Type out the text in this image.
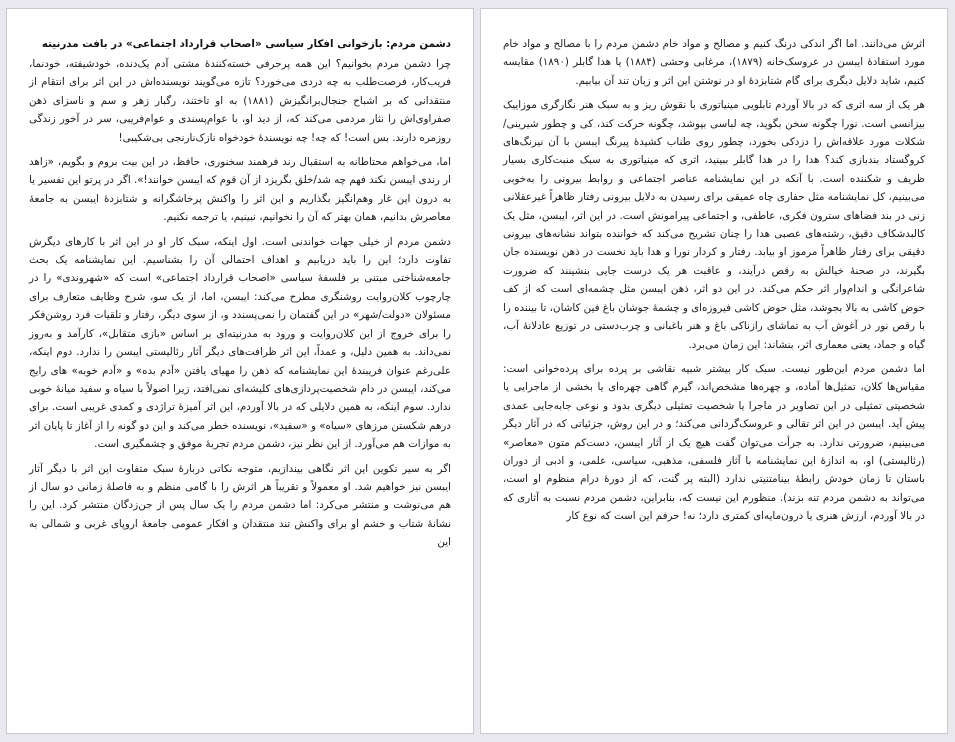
دشمن مردم: بازخوانی افکار سیاسی «اصحاب قرارداد اجتماعی» در بافت مدرنیته

چرا دشمن مردم بخوانیم؟ این همه پرحرفی خسته‌کنندهٔ مشتی آدم یک‌دنده، خودشیفته، خودنما، فریب‌کار، فرصت‌طلب به چه دردی می‌خورد؟ تازه می‌گویند نویسنده‌اش در این اثر برای انتقام از منتقدانی که بر اشباح جنجال‌برانگیزش (۱۸۸۱) به او تاختند، رگبار زهر و سم و ناسزای ذهن صفراوی‌اش را نثار مردمی می‌کند که، از دید او، با عوام‌پسندی و عوام‌فریبی، سر در آخور زندگی روزمره دارند. بس است! که چه! چه نویسندهٔ خودخواه نازک‌نارنجی بی‌شکیبی!

اما، می‌خواهم محتاطانه به استقبال رند فرهمند سخنوری، حافظ، در این بیت بروم و بگویم، «زاهد ار رندی ایبسن نکند فهم چه شد/خلق بگریزد از آن قوم که ایبسن خوانند!». اگر در پرتو این تفسیر یا به درون این غار وهم‌انگیز بگذاریم و این اثر را واکنش پرخاشگرانه و شتابزدهٔ ایبسن به جامعهٔ معاصرش بدانیم، همان بهتر که آن را نخوانیم، نبینیم، یا ترجمه نکنیم.

دشمن مردم از خیلی جهات خواندنی است. اول اینکه، سبک کار او در این اثر با کارهای دیگرش تفاوت دارد؛ این را باید دریابیم و اهداف احتمالی آن را بشناسیم. این نمایشنامه یک بحث جامعه‌شناختی مبتنی بر فلسفهٔ سیاسی «اصحاب قرارداد اجتماعی» است که «شهروندی» را در چارچوب کلان‌روایت روشنگری مطرح می‌کند: ایبسن، اما، از یک سو، شرح وظایف متعارف برای مسئولان «دولت/شهر» در این گفتمان را نمی‌پسندد و، از سوی دیگر، رفتار و تلقیات فرد روشن‌فکر را برای خروج از این کلان‌روایت و ورود به مدرنیته‌ای بر اساس «بازی متقابل»، کارآمد و به‌روز نمی‌داند. به همین دلیل، و عمداً، این اثر ظرافت‌های دیگر آثار رئالیستی ایبسن را ندارد. دوم اینکه، علی‌رغم عنوان فریبندهٔ این نمایشنامه که ذهن را مهیای یافتن «آدم بده» و «آدم خوبه» های رایج می‌کند، ایبسن در دام شخصیت‌پردازی‌های کلیشه‌ای نمی‌افتد، زیرا اصولاً با سیاه و سفید میانهٔ خوبی ندارد. سوم اینکه، به همین دلایلی که در بالا آوردم، این اثر آمیزهٔ تراژدی و کمدی غریبی است. برای درهم شکستن مرزهای «سیاه» و «سفید»، نویسنده خطر می‌کند و این دو گونه را از آغاز تا پایان اثر به موازات هم می‌آورد. از این نظر نیز، دشمن مردم تجربهٔ موفق و چشمگیری است.

اگر به سیر تکوین این اثر نگاهی بیندازیم، متوجه نکاتی دربارهٔ سبک متفاوت این اثر با دیگر آثار ایبسن نیز خواهیم شد. او معمولاً و تقریباً هر اثرش را با گامی منظم و به فاصلهٔ زمانی دو سال از هم می‌نوشت و منتشر می‌کرد: اما دشمن مردم را یک سال پس از جن‌زدگان منتشر کرد. این را نشانهٔ شتاب و خشم او برای واکنش تند منتقدان و افکار عمومی جامعهٔ اروپای غربی و شمالی به این

اثرش می‌دانند. اما اگر اندکی درنگ کنیم و مصالح و مواد خام دشمن مردم را با مصالح و مواد خام مورد استفادهٔ ایبسن در عروسک‌خانه (۱۸۷۹)، مرغابی وحشی (۱۸۸۴) یا هدا گابلر (۱۸۹۰) مقایسه کنیم، شاید دلایل دیگری برای گام شتابزدهٔ او در نوشتن این اثر و زبان تند آن بیابیم.

هر یک از سه اثری که در بالا آوردم تابلویی مینیاتوری با نقوش ریز و به سبک هنر نگارگری موزاییک بیزانسی است. نورا چگونه سخن بگوید، چه لباسی بپوشد، چگونه حرکت کند، کی و چطور شیرینی/شکلات مورد علاقه‌اش را دزدکی بخورد، چطور روی طناب کشیدهٔ پیرنگ ایبسن با آن نیرنگ‌های کروگستاد بندبازی کند؟ هدا را در هدا گابلر ببینید، اثری که مینیاتوری به سبک منبت‌کاری بسیار ظریف و شکننده است. با آنکه در این نمایشنامه عناصر اجتماعی و روابط بیرونی را به‌خوبی می‌بینیم، کل نمایشنامه مثل حفاری چاه عمیقی برای رسیدن به دلایل بیرونی رفتار ظاهراً غیرعقلانی زنی در بند فضاهای سترون فکری، عاطفی، و اجتماعی پیرامونش است. در این اثر، ایبسن، مثل یک کالبدشکاف دقیق، رشته‌های عصبی هدا را چنان تشریح می‌کند که خواننده بتواند نشانه‌های بیرونی دقیقی برای رفتار ظاهراً مرموز او بیابد. رفتار و کردار نورا و هدا باید نخست در ذهن نویسنده جان بگیرند، در صحنهٔ خیالش به رقص درآیند، و عاقبت هر یک درست جایی بنشینند که ضرورت شاعرانگی و اندام‌وار اثر حکم می‌کند. در این دو اثر، ذهن ایبسن مثل چشمه‌ای است که از کف حوض کاشی به بالا بجوشد، مثل حوض کاشی فیروزه‌ای و چشمهٔ جوشان باغ فین کاشان، تا بیننده را با رقص نور در آغوش آب به تماشای رازناکی باغ و هنر باغبانی و چرب‌دستی در توزیع عادلانهٔ آب، گیاه و جماد، یعنی معماری اثر، بنشاند: این زمان می‌برد.

اما دشمن مردم این‌طور نیست. سبک کار بیشتر شبیه نقاشی بر پرده برای پرده‌خوانی است: مقیاس‌ها کلان، تمثیل‌ها آماده، و چهره‌ها مشخص‌اند، گیرم گاهی چهره‌ای یا بخشی از ماجرایی یا شخصیتی تمثیلی در این تصاویر در ماجرا یا شخصیت تمثیلی دیگری بدود و نوعی جابه‌جایی عمدی پیش آید. ایبسن در این اثر تقالی و عروسک‌گردانی می‌کند؛ و در این روش، جزئیاتی که در آثار دیگر می‌بینیم، ضرورتی ندارد. به جرأت می‌توان گفت هیچ یک از آثار ایبسن، دست‌کم متون «معاصر» (رئالیستی) او، به اندازهٔ این نمایشنامه با آثار فلسفی، مذهبی، سیاسی، علمی، و ادبی از دوران باستان تا زمان خودش رابطهٔ بینامتنیتی ندارد (البته پر گنت، که از دورهٔ درام منظوم او است، می‌تواند به دشمن مردم تنه بزند). منظورم این نیست که، بنابراین، دشمن مردم نسبت به آثاری که در بالا آوردم، ارزش هنری یا درون‌مایه‌ای کمتری دارد؛ نه! حرفم این است که نوع کار
